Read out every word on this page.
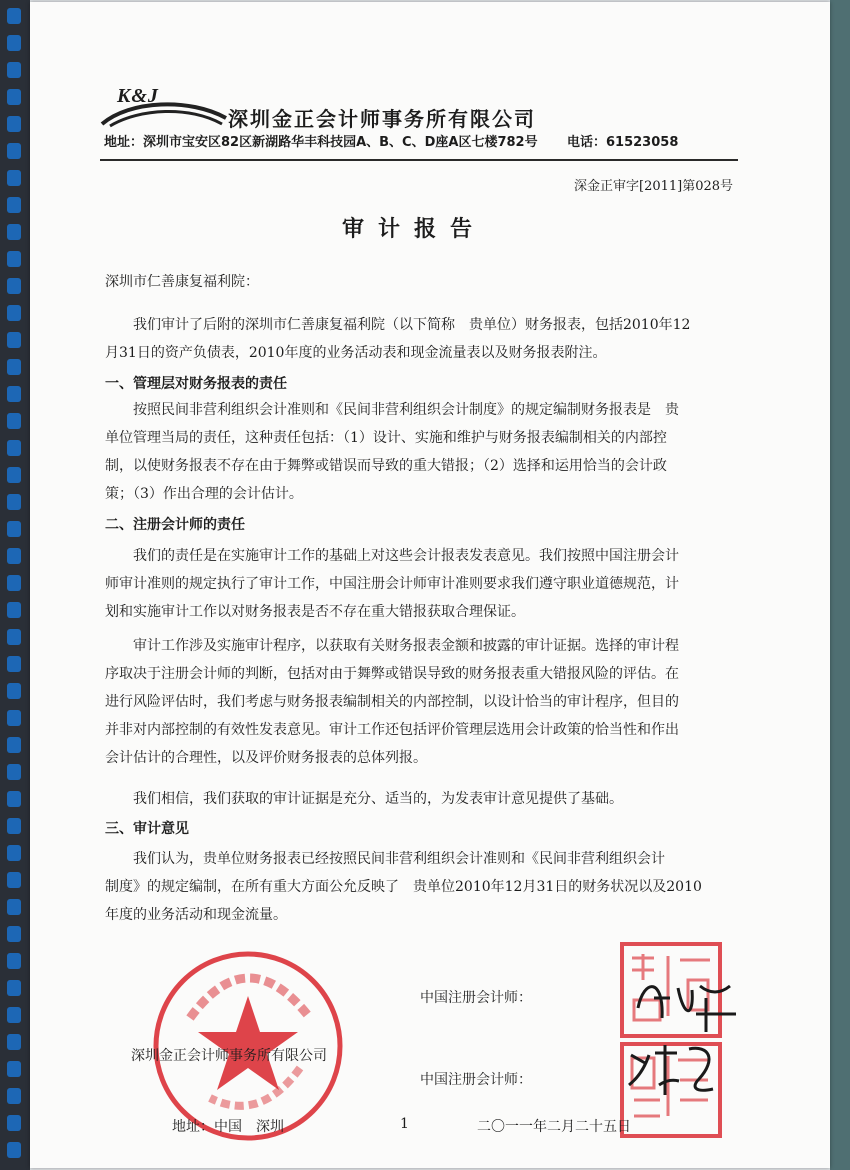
K&J
深圳金正会计师事务所有限公司
地址：深圳市宝安区82区新湖路华丰科技园A、B、C、D座A区七楼782号 电话：61523058
深金正审字[2011]第028号
审计报告
深圳市仁善康复福利院：
我们审计了后附的深圳市仁善康复福利院（以下简称　贵单位）财务报表，包括2010年12
月31日的资产负债表，2010年度的业务活动表和现金流量表以及财务报表附注。
一、管理层对财务报表的责任
按照民间非营利组织会计准则和《民间非营利组织会计制度》的规定编制财务报表是　贵
单位管理当局的责任，这种责任包括：（1）设计、实施和维护与财务报表编制相关的内部控
制，以使财务报表不存在由于舞弊或错误而导致的重大错报；（2）选择和运用恰当的会计政
策；（3）作出合理的会计估计。
二、注册会计师的责任
我们的责任是在实施审计工作的基础上对这些会计报表发表意见。我们按照中国注册会计
师审计准则的规定执行了审计工作，中国注册会计师审计准则要求我们遵守职业道德规范，计
划和实施审计工作以对财务报表是否不存在重大错报获取合理保证。
审计工作涉及实施审计程序，以获取有关财务报表金额和披露的审计证据。选择的审计程
序取决于注册会计师的判断，包括对由于舞弊或错误导致的财务报表重大错报风险的评估。在
进行风险评估时，我们考虑与财务报表编制相关的内部控制，以设计恰当的审计程序，但目的
并非对内部控制的有效性发表意见。审计工作还包括评价管理层选用会计政策的恰当性和作出
会计估计的合理性，以及评价财务报表的总体列报。
我们相信，我们获取的审计证据是充分、适当的，为发表审计意见提供了基础。
三、审计意见
我们认为，贵单位财务报表已经按照民间非营利组织会计准则和《民间非营利组织会计
制度》的规定编制，在所有重大方面公允反映了　贵单位2010年12月31日的财务状况以及2010
年度的业务活动和现金流量。
中国注册会计师：
深圳金正会计师事务所有限公司
中国注册会计师：
地址：中国　深圳	1	二〇一一年二月二十五日
